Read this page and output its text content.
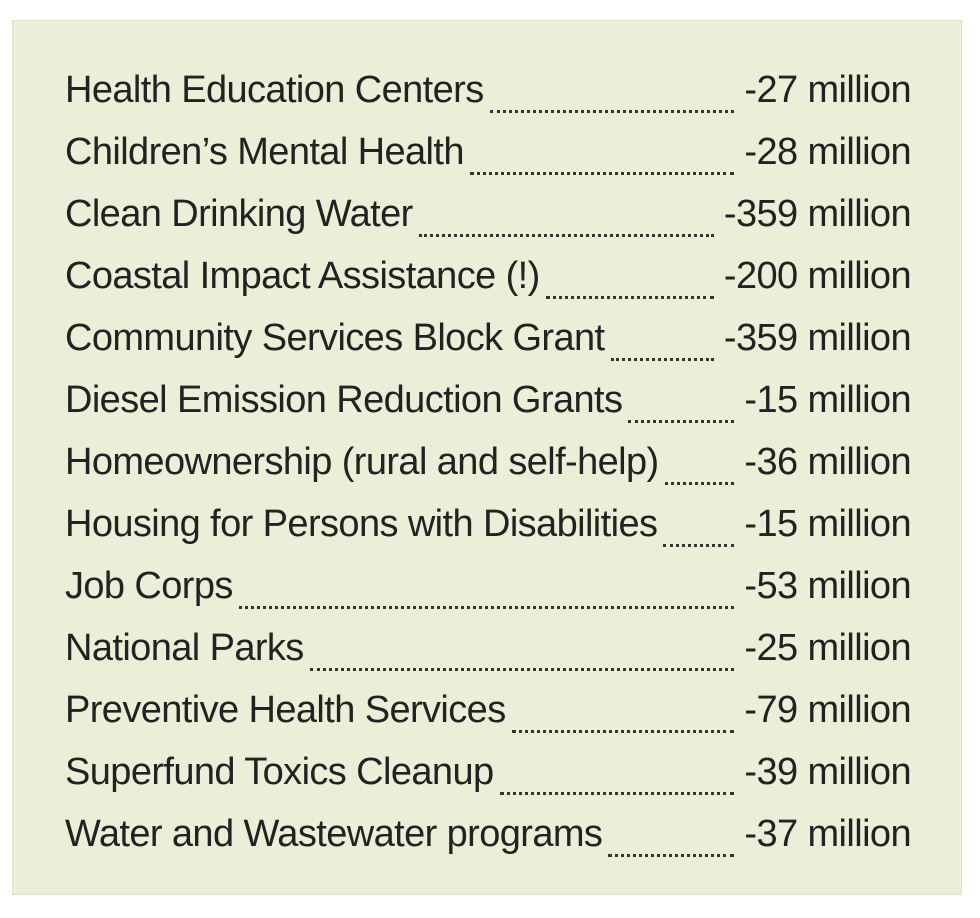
Health Education Centers	-27 million
Children’s Mental Health	-28 million
Clean Drinking Water	-359 million
Coastal Impact Assistance (!)	-200 million
Community Services Block Grant	-359 million
Diesel Emission Reduction Grants	-15 million
Homeownership (rural and self-help) -36 million
Housing for Persons with Disabilities -15 million
Job Corps	-53 million
National Parks	-25 million
Preventive Health Services	-79 million
Superfund Toxics Cleanup	-39 million
Water and Wastewater programs	-37 million
